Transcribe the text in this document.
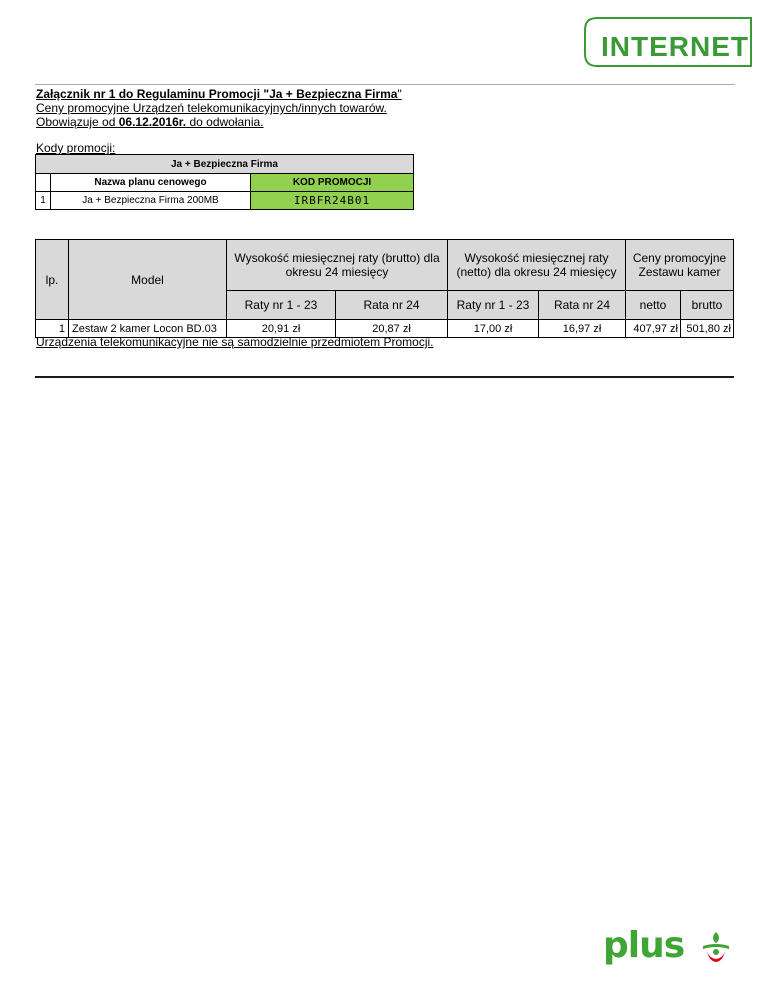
INTERNET
Załącznik nr 1 do Regulaminu Promocji "Ja + Bezpieczna Firma"
Ceny promocyjne Urządzeń telekomunikacyjnych/innych towarów.
Obowiązuje od 06.12.2016r. do odwołania.
Kody promocji:
Ja + Bezpieczna Firma		
	Nazwa planu cenowego	KOD PROMOCJI
1	Ja + Bezpieczna Firma 200MB	IRBFR24B01
lp.	Model	Wysokość miesięcznej raty (brutto) dla okresu 24 miesięcy		Wysokość miesięcznej raty (netto) dla okresu 24 miesięcy		Ceny promocyjne Zestawu kamer	
		Raty nr 1 - 23	Rata nr 24	Raty nr 1 - 23	Rata nr 24	netto	brutto
1	Zestaw 2 kamer Locon BD.03	20,91 zł	20,87 zł	17,00 zł	16,97 zł	407,97 zł	501,80 zł
Urządzenia telekomunikacyjne nie są samodzielnie przedmiotem Promocji.
plus
